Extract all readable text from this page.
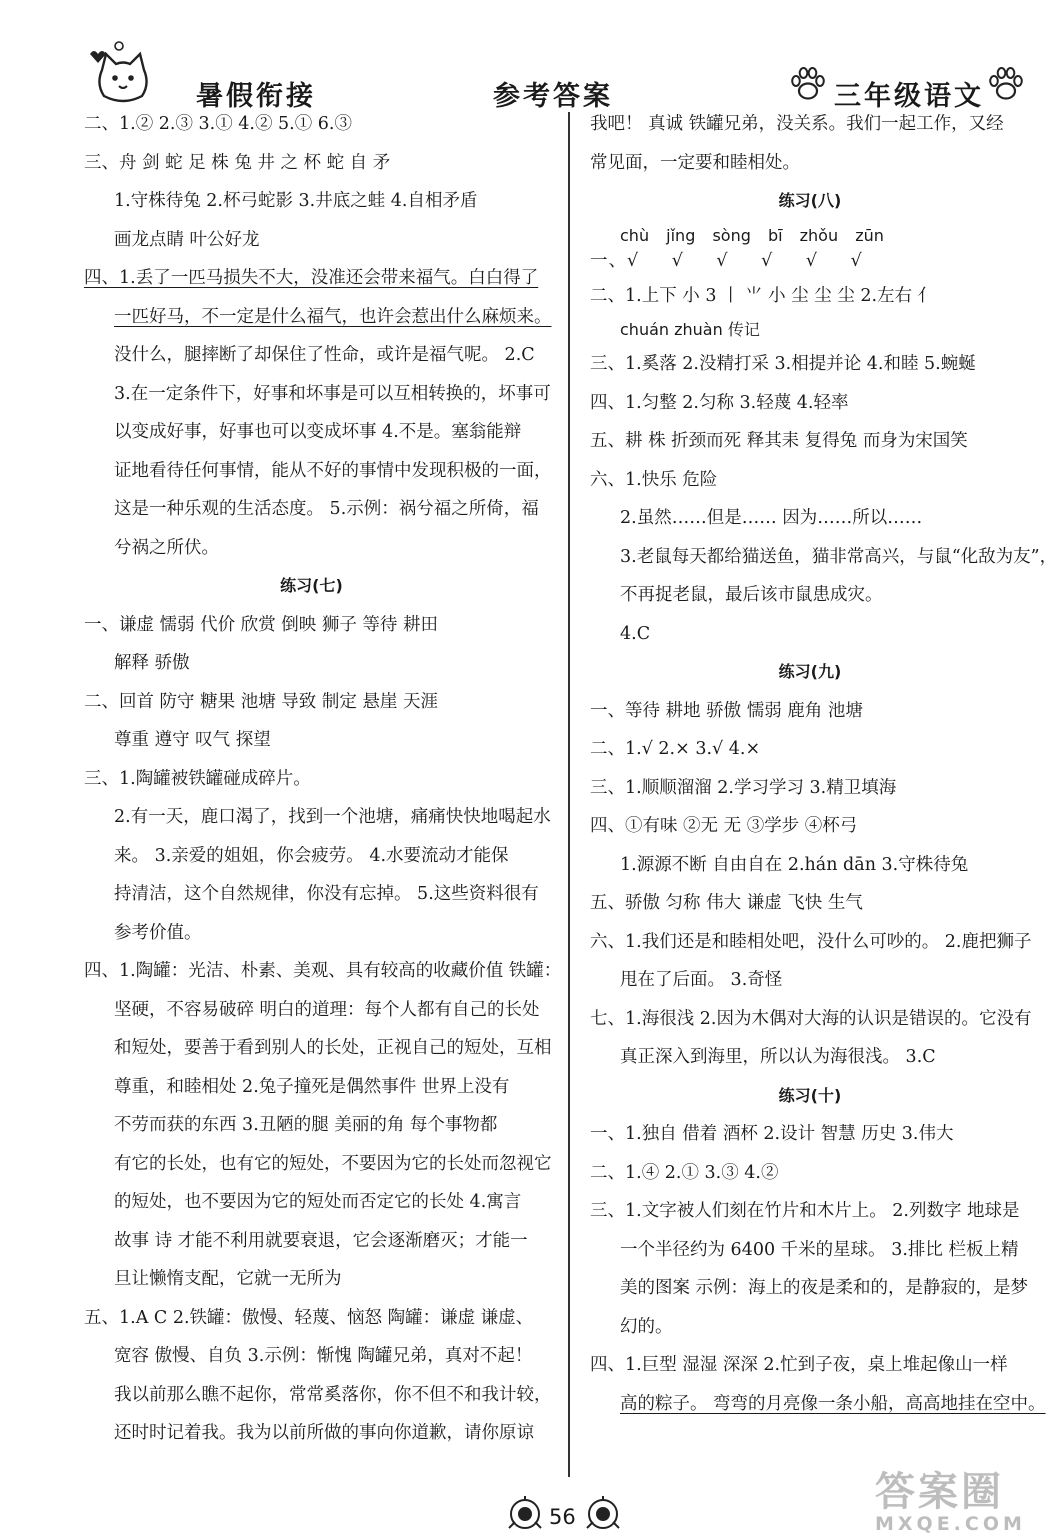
暑假衔接	参考答案	三年级语文
二、1.② 2.③ 3.① 4.② 5.① 6.③
三、舟 剑 蛇 足 株 兔 井 之 杯 蛇 自 矛
1.守株待兔 2.杯弓蛇影 3.井底之蛙 4.自相矛盾
画龙点睛 叶公好龙
四、1.丢了一匹马损失不大，没准还会带来福气。白白得了
一匹好马，不一定是什么福气，也许会惹出什么麻烦来。
没什么，腿摔断了却保住了性命，或许是福气呢。 2.C
3.在一定条件下，好事和坏事是可以互相转换的，坏事可
以变成好事，好事也可以变成坏事 4.不是。塞翁能辩
证地看待任何事情，能从不好的事情中发现积极的一面，
这是一种乐观的生活态度。 5.示例：祸兮福之所倚，福
兮祸之所伏。
练习(七)
一、谦虚 懦弱 代价 欣赏 倒映 狮子 等待 耕田
解释 骄傲
二、回首 防守 糖果 池塘 导致 制定 悬崖 天涯
尊重 遵守 叹气 探望
三、1.陶罐被铁罐碰成碎片。
2.有一天，鹿口渴了，找到一个池塘，痛痛快快地喝起水
来。 3.亲爱的姐姐，你会疲劳。 4.水要流动才能保
持清洁，这个自然规律，你没有忘掉。 5.这些资料很有
参考价值。
四、1.陶罐：光洁、朴素、美观、具有较高的收藏价值 铁罐：
坚硬，不容易破碎 明白的道理：每个人都有自己的长处
和短处，要善于看到别人的长处，正视自己的短处，互相
尊重，和睦相处 2.兔子撞死是偶然事件 世界上没有
不劳而获的东西 3.丑陋的腿 美丽的角 每个事物都
有它的长处，也有它的短处，不要因为它的长处而忽视它
的短处，也不要因为它的短处而否定它的长处 4.寓言
故事 诗 才能不利用就要衰退，它会逐渐磨灭；才能一
旦让懒惰支配，它就一无所为
五、1.A C 2.铁罐：傲慢、轻蔑、恼怒 陶罐：谦虚 谦虚、
宽容 傲慢、自负 3.示例：惭愧 陶罐兄弟，真对不起！
我以前那么瞧不起你，常常奚落你，你不但不和我计较，
还时时记着我。我为以前所做的事向你道歉，请你原谅
我吧！ 真诚 铁罐兄弟，没关系。我们一起工作，又经
常见面，一定要和睦相处。
练习(八)
chù jǐng sòng bī zhǒu zūn
一、√ √ √ √ √ √
二、1.上下 小 3 ⼁ ⺌ 小 尘 尘 尘 2.左右 亻
chuán zhuàn 传记
三、1.奚落 2.没精打采 3.相提并论 4.和睦 5.蜿蜒
四、1.匀整 2.匀称 3.轻蔑 4.轻率
五、耕 株 折颈而死 释其耒 复得兔 而身为宋国笑
六、1.快乐 危险
2.虽然……但是…… 因为……所以……
3.老鼠每天都给猫送鱼，猫非常高兴，与鼠“化敌为友”，
不再捉老鼠，最后该市鼠患成灾。
4.C
练习(九)
一、等待 耕地 骄傲 懦弱 鹿角 池塘
二、1.√ 2.× 3.√ 4.×
三、1.顺顺溜溜 2.学习学习 3.精卫填海
四、①有味 ②无 无 ③学步 ④杯弓
1.源源不断 自由自在 2.hán dān 3.守株待兔
五、骄傲 匀称 伟大 谦虚 飞快 生气
六、1.我们还是和睦相处吧，没什么可吵的。 2.鹿把狮子
甩在了后面。 3.奇怪
七、1.海很浅 2.因为木偶对大海的认识是错误的。它没有
真正深入到海里，所以认为海很浅。 3.C
练习(十)
一、1.独自 借着 酒杯 2.设计 智慧 历史 3.伟大
二、1.④ 2.① 3.③ 4.②
三、1.文字被人们刻在竹片和木片上。 2.列数字 地球是
一个半径约为 6400 千米的星球。 3.排比 栏板上精
美的图案 示例：海上的夜是柔和的，是静寂的，是梦
幻的。
四、1.巨型 湿湿 深深 2.忙到子夜，桌上堆起像山一样
高的粽子。 弯弯的月亮像一条小船，高高地挂在空中。
56
答案圈
MXQE.COM
